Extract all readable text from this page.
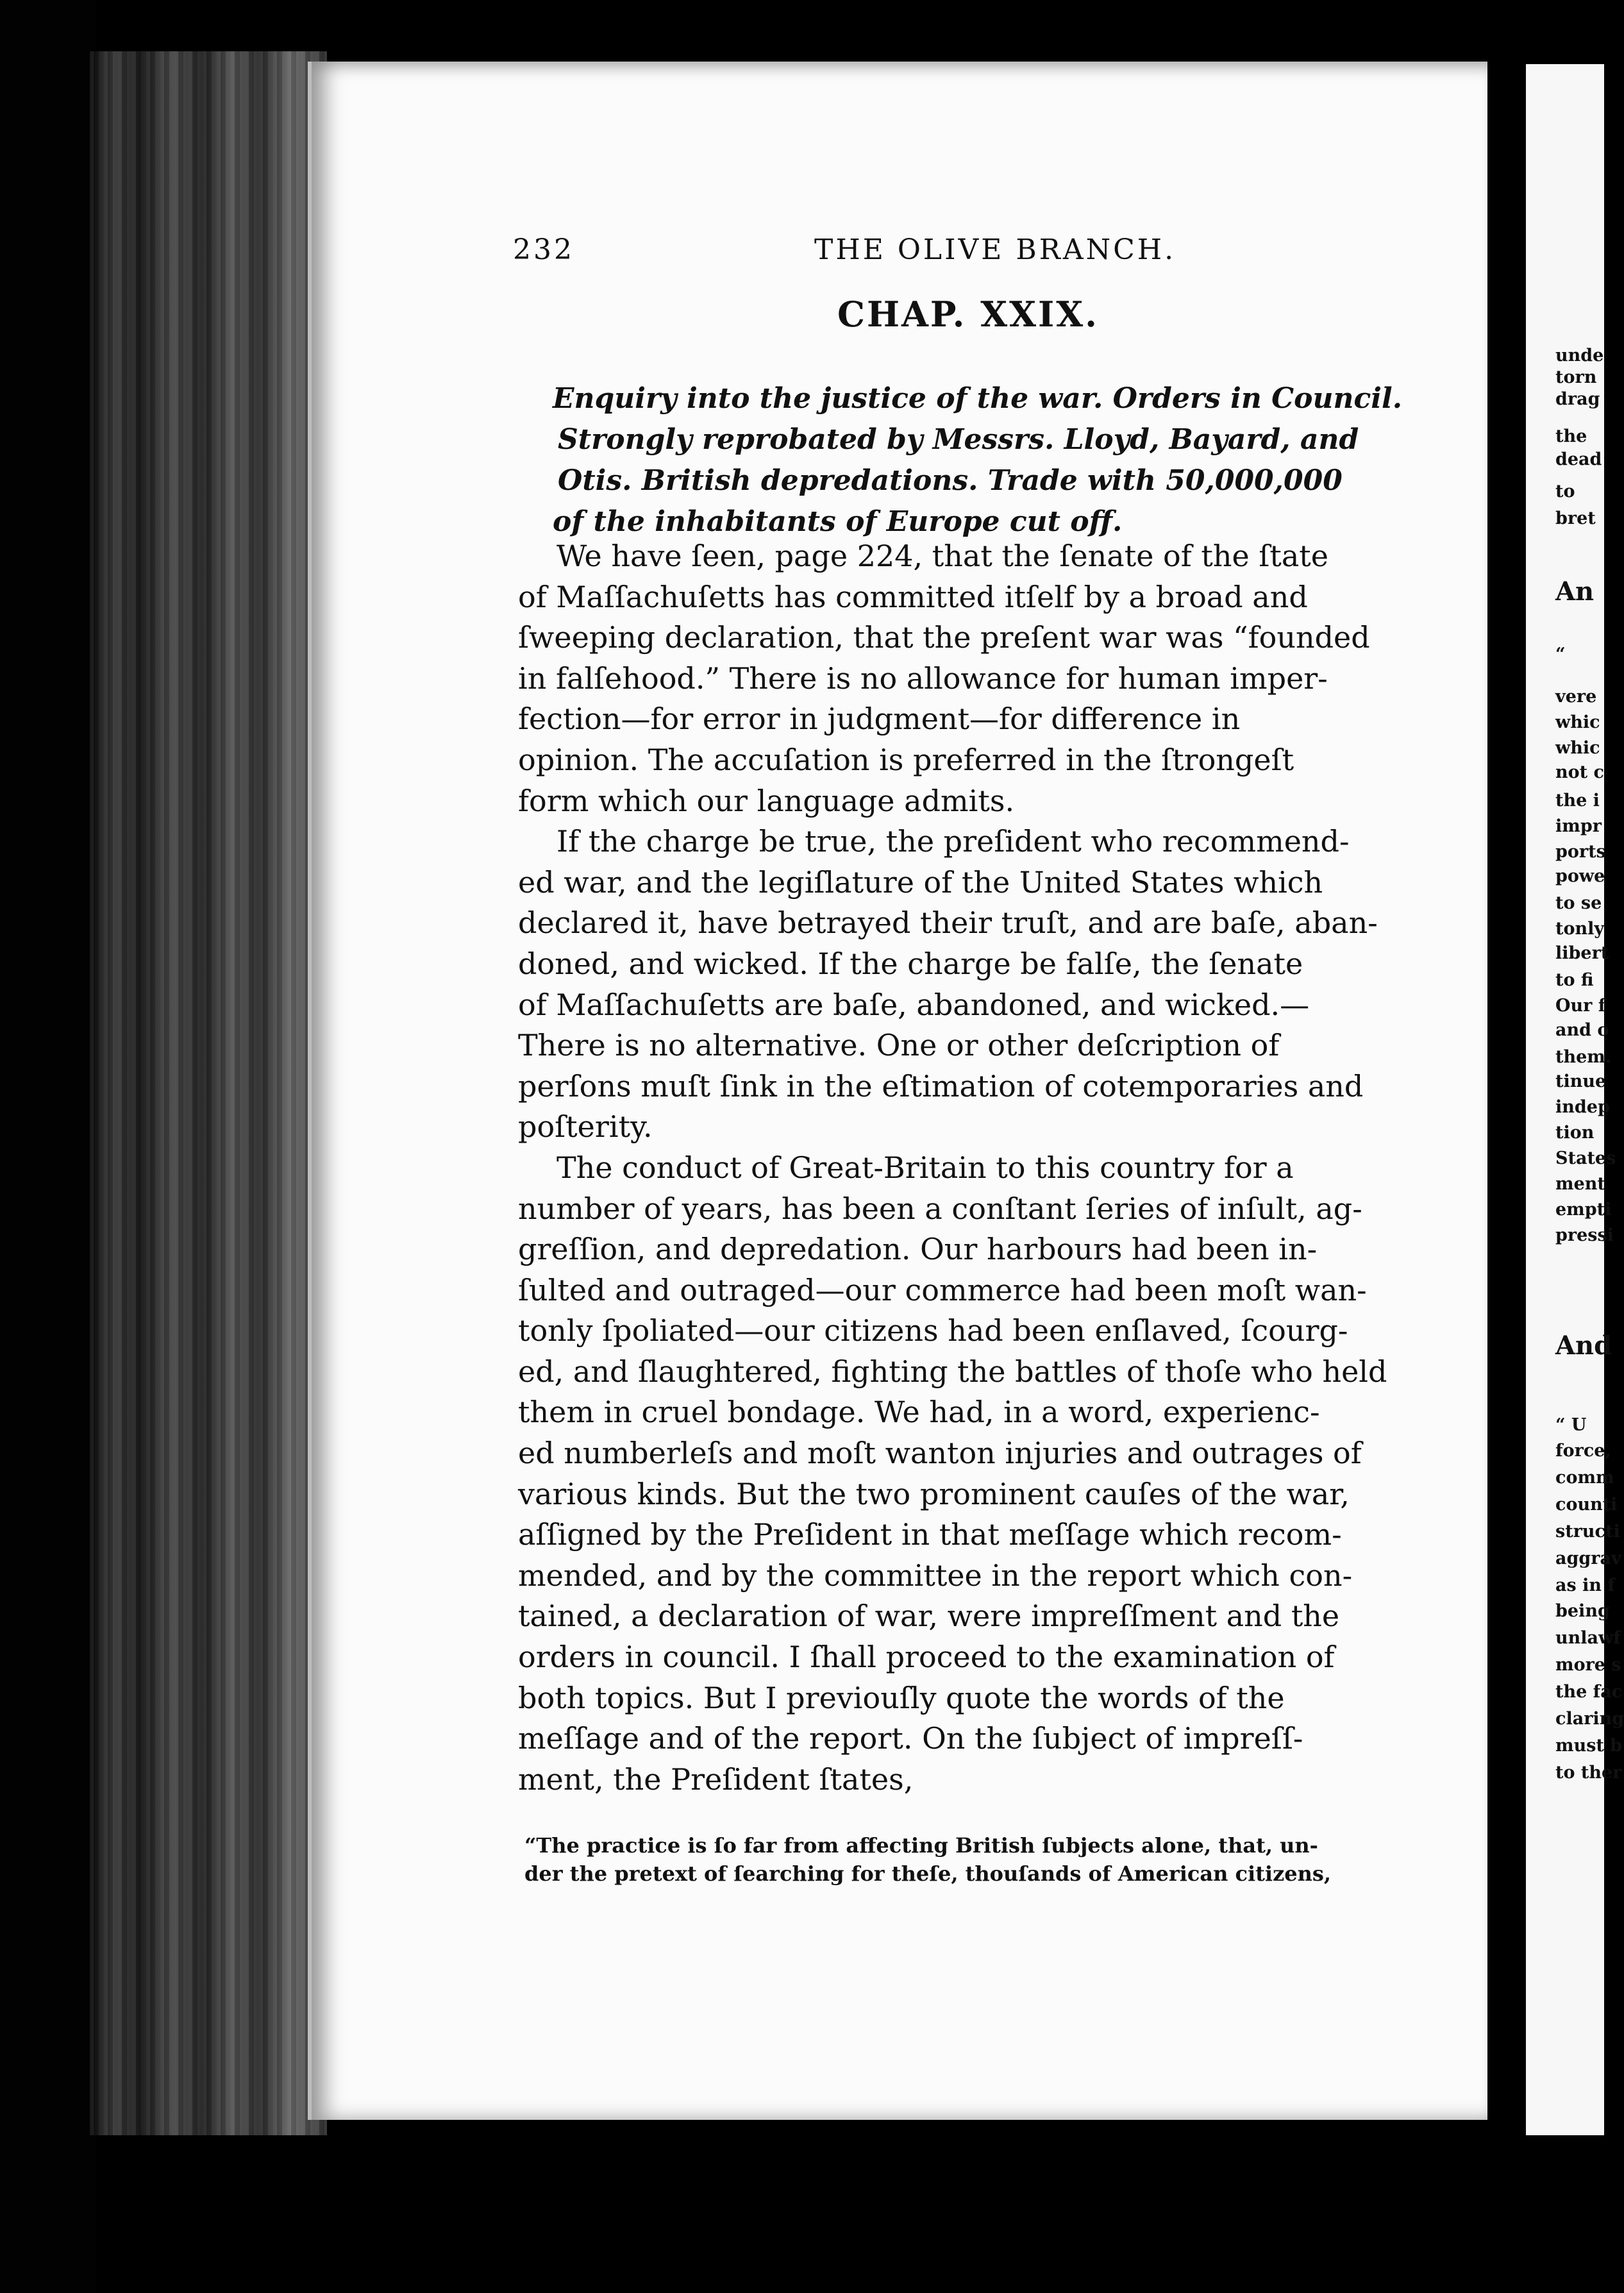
unde
torn
drag
the
dead
to
bret
An
“
vere
whic
whic
not c
the i
impr
ports
powe
to se
tonly
libert
to fi
Our f
and o
them.
tinue
indep
tion
States
ment
empti
pressi
And
“ U
force,
comm
counti
structi
aggrav
as in f
being
unlawf
more s
the fac
claring
must b
to ther
232	THE OLIVE BRANCH.
CHAP. XXIX.
Enquiry into the justice of the war. Orders in Council.
Strongly reprobated by Messrs. Lloyd, Bayard, and
Otis. British depredations. Trade with 50,000,000
of the inhabitants of Europe cut off.
We have ſeen, page 224, that the ſenate of the ſtate
of Maſſachuſetts has committed itſelf by a broad and
ſweeping declaration, that the preſent war was “founded
in falſehood.” There is no allowance for human imper-
fection—for error in judgment—for difference in
opinion. The accuſation is preferred in the ſtrongeſt
form which our language admits.
If the charge be true, the preſident who recommend-
ed war, and the legiſlature of the United States which
declared it, have betrayed their truſt, and are baſe, aban-
doned, and wicked. If the charge be falſe, the ſenate
of Maſſachuſetts are baſe, abandoned, and wicked.—
There is no alternative. One or other deſcription of
perſons muſt ſink in the eſtimation of cotemporaries and
poſterity.
The conduct of Great-Britain to this country for a
number of years, has been a conſtant ſeries of inſult, ag-
greſſion, and depredation. Our harbours had been in-
ſulted and outraged—our commerce had been moſt wan-
tonly ſpoliated—our citizens had been enſlaved, ſcourg-
ed, and ſlaughtered, fighting the battles of thoſe who held
them in cruel bondage. We had, in a word, experienc-
ed numberleſs and moſt wanton injuries and outrages of
various kinds. But the two prominent cauſes of the war,
aſſigned by the Preſident in that meſſage which recom-
mended, and by the committee in the report which con-
tained, a declaration of war, were impreſſment and the
orders in council. I ſhall proceed to the examination of
both topics. But I previouſly quote the words of the
meſſage and of the report. On the ſubject of impreſſ-
ment, the Preſident ſtates,
“The practice is ſo far from affecting British ſubjects alone, that, un-
der the pretext of ſearching for theſe, thouſands of American citizens,
